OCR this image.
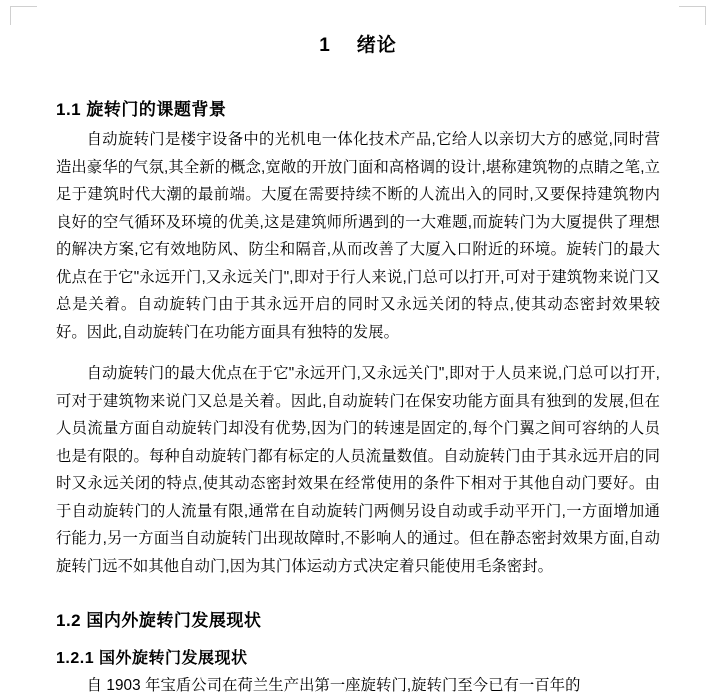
1 绪论
1.1 旋转门的课题背景

自动旋转门是楼宇设备中的光机电一体化技术产品,它给人以亲切大方的感觉,同时营造出豪华的气氛,其全新的概念,宽敞的开放门面和高格调的设计,堪称建筑物的点睛之笔,立足于建筑时代大潮的最前端。大厦在需要持续不断的人流出入的同时,又要保持建筑物内良好的空气循环及环境的优美,这是建筑师所遇到的一大难题,而旋转门为大厦提供了理想的解决方案,它有效地防风、防尘和隔音,从而改善了大厦入口附近的环境。旋转门的最大优点在于它"永远开门,又永远关门",即对于行人来说,门总可以打开,可对于建筑物来说门又总是关着。自动旋转门由于其永远开启的同时又永远关闭的特点,使其动态密封效果较好。因此,自动旋转门在功能方面具有独特的发展。

自动旋转门的最大优点在于它"永远开门,又永远关门",即对于人员来说,门总可以打开,可对于建筑物来说门又总是关着。因此,自动旋转门在保安功能方面具有独到的发展,但在人员流量方面自动旋转门却没有优势,因为门的转速是固定的,每个门翼之间可容纳的人员也是有限的。每种自动旋转门都有标定的人员流量数值。自动旋转门由于其永远开启的同时又永远关闭的特点,使其动态密封效果在经常使用的条件下相对于其他自动门要好。由于自动旋转门的人流量有限,通常在自动旋转门两侧另设自动或手动平开门,一方面增加通行能力,另一方面当自动旋转门出现故障时,不影响人的通过。但在静态密封效果方面,自动旋转门远不如其他自动门,因为其门体运动方式决定着只能使用毛条密封。

1.2 国内外旋转门发展现状
1.2.1 国外旋转门发展现状

自 1903 年宝盾公司在荷兰生产出第一座旋转门,旋转门至今已有一百年的
